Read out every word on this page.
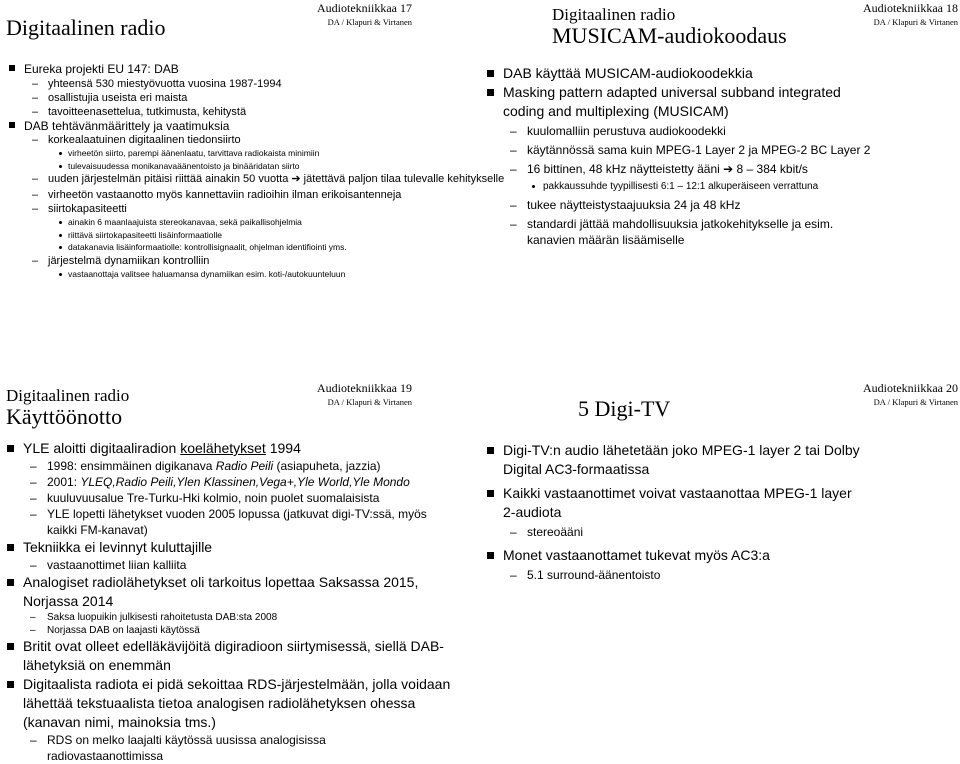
Audiotekniikkaa 17
DA / Klapuri & Virtanen
Digitaalinen radio
Eureka projekti EU 147: DAB
– yhteensä 530 miestyövuotta vuosina 1987-1994
– osallistujia useista eri maista
– tavoitteenasettelua, tutkimusta, kehitystä
DAB tehtävänmäärittely ja vaatimuksia
– korkealaatuinen digitaalinen tiedonsiirto
virheetön siirto, parempi äänenlaatu, tarvittava radiokaista minimiin
tulevaisuudessa monikanavaäänentoisto ja binääridatan siirto
– uuden järjestelmän pitäisi riittää ainakin 50 vuotta ➔ jätettävä paljon tilaa tulevalle kehitykselle
– virheetön vastaanotto myös kannettaviin radioihin ilman erikoisantenneja
– siirtokapasiteetti
ainakin 6 maanlaajuista stereokanavaa, sekä paikallisohjelmia
riittävä siirtokapasiteetti lisäinformaatiolle
datakanavia lisäinformaatiolle: kontrollisignaalit, ohjelman identifiointi yms.
– järjestelmä dynamiikan kontrolliin
vastaanottaja valitsee haluamansa dynamiikan esim. koti-/autokuunteluun
Audiotekniikkaa 18
DA / Klapuri & Virtanen
Digitaalinen radio
MUSICAM-audiokoodaus
DAB käyttää MUSICAM-audiokoodekkia
Masking pattern adapted universal subband integrated
coding and multiplexing (MUSICAM)
– kuulomalliin perustuva audiokoodekki
– käytännössä sama kuin MPEG-1 Layer 2 ja MPEG-2 BC Layer 2
– 16 bittinen, 48 kHz näytteistetty ääni ➔ 8 – 384 kbit/s
pakkaussuhde tyypillisesti 6:1 – 12:1 alkuperäiseen verrattuna
– tukee näytteistystaajuuksia 24 ja 48 kHz
– standardi jättää mahdollisuuksia jatkokehitykselle ja esim.
kanavien määrän lisäämiselle
Audiotekniikkaa 19
DA / Klapuri & Virtanen
Digitaalinen radio
Käyttöönotto
YLE aloitti digitaaliradion koelähetykset 1994
– 1998: ensimmäinen digikanava Radio Peili (asiapuheta, jazzia)
– 2001: YLEQ,Radio Peili,Ylen Klassinen,Vega+,Yle World,Yle Mondo
– kuuluvuusalue Tre-Turku-Hki kolmio, noin puolet suomalaisista
– YLE lopetti lähetykset vuoden 2005 lopussa (jatkuvat digi-TV:ssä, myös
kaikki FM-kanavat)
Tekniikka ei levinnyt kuluttajille
– vastaanottimet liian kalliita
Analogiset radiolähetykset oli tarkoitus lopettaa Saksassa 2015,
Norjassa 2014
– Saksa luopuikin julkisesti rahoitetusta DAB:sta 2008
– Norjassa DAB on laajasti käytössä
Britit ovat olleet edelläkävijöitä digiradioon siirtymisessä, siellä DAB-
lähetyksiä on enemmän
Digitaalista radiota ei pidä sekoittaa RDS-järjestelmään, jolla voidaan
lähettää tekstuaalista tietoa analogisen radiolähetyksen ohessa
(kanavan nimi, mainoksia tms.)
– RDS on melko laajalti käytössä uusissa analogisissa
radiovastaanottimissa
Audiotekniikkaa 20
DA / Klapuri & Virtanen
5 Digi-TV
Digi-TV:n audio lähetetään joko MPEG-1 layer 2 tai Dolby
Digital AC3-formaatissa
Kaikki vastaanottimet voivat vastaanottaa MPEG-1 layer
2-audiota
– stereoääni
Monet vastaanottamet tukevat myös AC3:a
– 5.1 surround-äänentoisto
